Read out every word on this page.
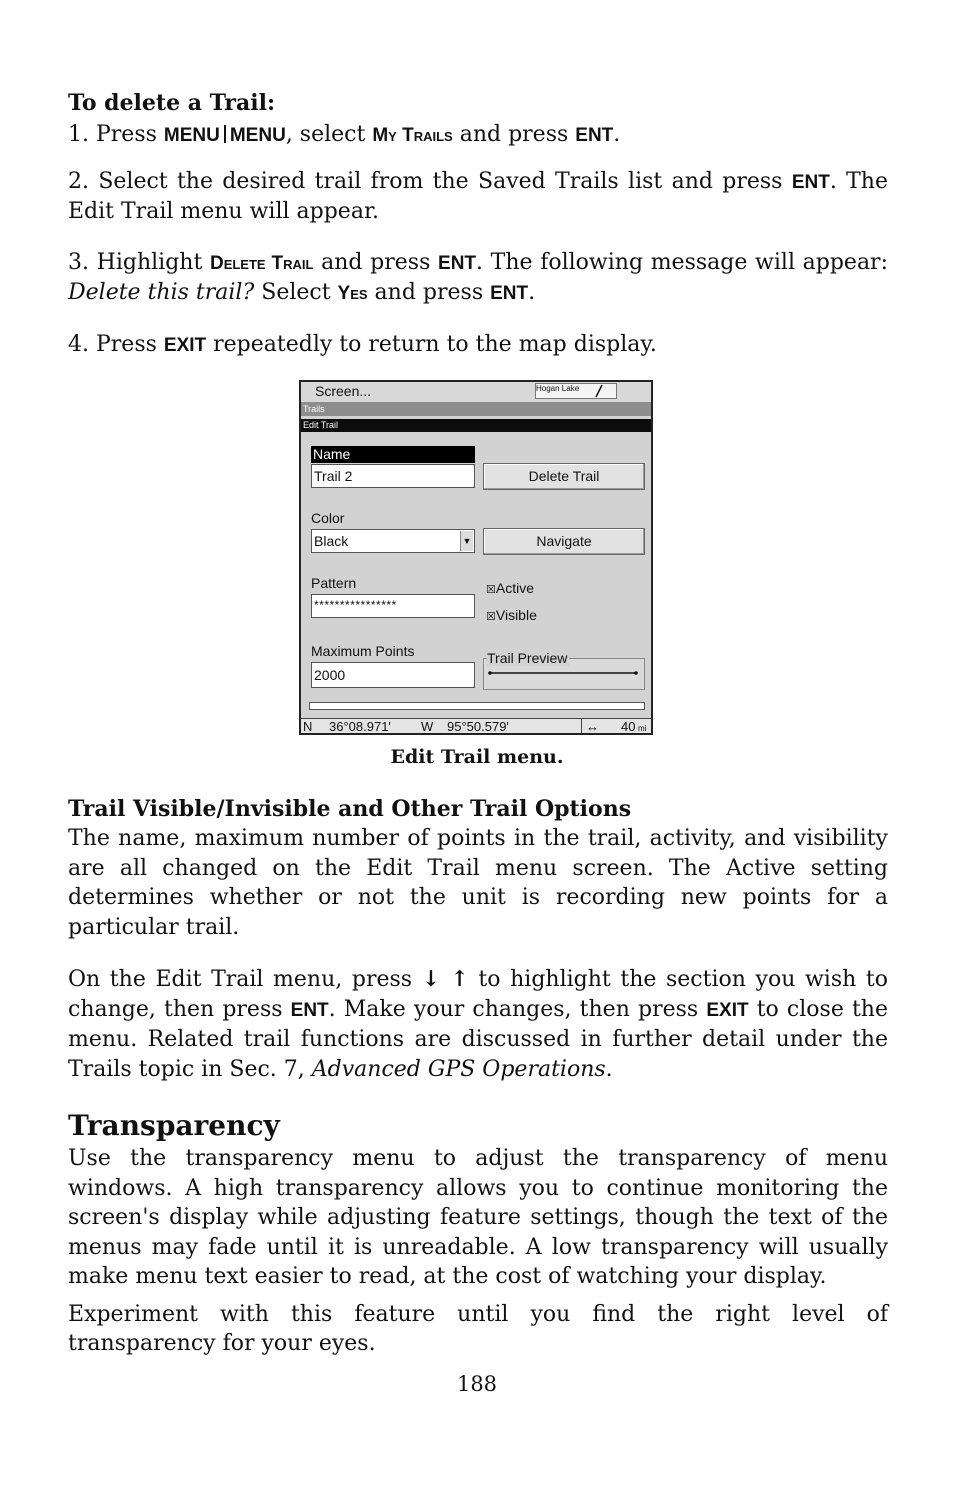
To delete a Trail:

1. Press MENU MENU, select My Trails and press ENT.

2. Select the desired trail from the Saved Trails list and press ENT. The Edit Trail menu will appear.

3. Highlight Delete Trail and press ENT. The following message will appear: Delete this trail? Select Yes and press ENT.

4. Press EXIT repeatedly to return to the map display.

Screen...	Hogan Lake
Trails
Edit Trail
Name
Trail 2	Delete Trail
Color
Black	▼	Navigate
Pattern
****************
☒Active
☒Visible
Maximum Points
2000
Trail Preview
N 36°08.971' W 95°50.579'	↔ 40 mi
Edit Trail menu.

Trail Visible/Invisible and Other Trail Options

The name, maximum number of points in the trail, activity, and visibility are all changed on the Edit Trail menu screen. The Active setting determines whether or not the unit is recording new points for a particular trail.

On the Edit Trail menu, press ↓ ↑ to highlight the section you wish to change, then press ENT. Make your changes, then press EXIT to close the menu. Related trail functions are discussed in further detail under the Trails topic in Sec. 7, Advanced GPS Operations.

Transparency

Use the transparency menu to adjust the transparency of menu windows. A high transparency allows you to continue monitoring the screen's display while adjusting feature settings, though the text of the menus may fade until it is unreadable. A low transparency will usually make menu text easier to read, at the cost of watching your display.

Experiment with this feature until you find the right level of transparency for your eyes.

188
